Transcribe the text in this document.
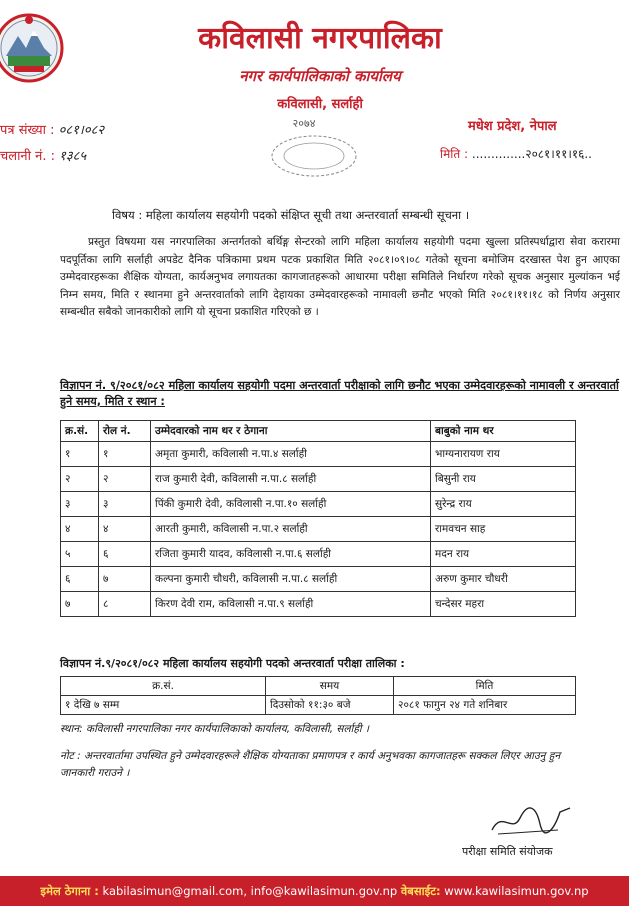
कविलासी नगरपालिका
नगर कार्यपालिकाको कार्यालय
कविलासी, सर्लाही
२०७४
पत्र संख्या : ०८१।०८२
चलानी नं. : १३८५
मधेश प्रदेश, नेपाल
मिति : ..............२०८१।११।१६..
विषय : महिला कार्यालय सहयोगी पदको संक्षिप्त सूची तथा अन्तरवार्ता सम्बन्धी सूचना ।
प्रस्तुत विषयमा यस नगरपालिका अन्तर्गतको बर्थिङ्ग सेन्टरको लागि महिला कार्यालय सहयोगी पदमा खुल्ला प्रतिस्पर्धाद्वारा सेवा करारमा पदपूर्तिका लागि सर्लाही अपडेट दैनिक पत्रिकामा प्रथम पटक प्रकाशित मिति २०८१।०९।०८ गतेको सूचना बमोजिम दरखास्त पेश हुन आएका उम्मेदवारहरूका शैक्षिक योग्यता, कार्यअनुभव लगायतका कागजातहरूको आधारमा परीक्षा समितिले निर्धारण गरेको सूचक अनुसार मुल्यांकन भई निम्न समय, मिति र स्थानमा हुने अन्तरवार्ताको लागि देहायका उम्मेदवारहरूको नामावली छनौट भएको मिति २०८१।११।१८ को निर्णय अनुसार सम्बन्धीत सबैको जानकारीको लागि यो सूचना प्रकाशित गरिएको छ ।
विज्ञापन नं. ९/२०८१/०८२ महिला कार्यालय सहयोगी पदमा अन्तरवार्ता परीक्षाको लागि छनौट भएका उम्मेदवारहरूको नामावली र अन्तरवार्ता हुने समय, मिति र स्थान :
क्र.सं.	रोल नं.	उम्मेदवारको नाम थर र ठेगाना	बाबुको नाम थर
१	१	अमृता कुमारी, कविलासी न.पा.४ सर्लाही	भाग्यनारायण राय
२	२	राज कुमारी देवी, कविलासी न.पा.८ सर्लाही	बिसुनी राय
३	३	पिंकी कुमारी देवी, कविलासी न.पा.१० सर्लाही	सुरेन्द्र राय
४	४	आरती कुमारी, कविलासी न.पा.२ सर्लाही	रामवचन साह
५	६	रजिता कुमारी यादव, कविलासी न.पा.६ सर्लाही	मदन राय
६	७	कल्पना कुमारी चौधरी, कविलासी न.पा.८ सर्लाही	अरुण कुमार चौधरी
७	८	किरण देवी राम, कविलासी न.पा.९ सर्लाही	चन्देसर महरा
विज्ञापन नं.९/२०८१/०८२ महिला कार्यालय सहयोगी पदको अन्तरवार्ता परीक्षा तालिका :
क्र.सं.	समय	मिति
१ देखि ७ सम्म	दिउसोको ११:३० बजे	२०८१ फागुन २४ गते शनिबार
स्थान: कविलासी नगरपालिका नगर कार्यपालिकाको कार्यालय, कविलासी, सर्लाही ।
नोट : अन्तरवार्तामा उपस्थित हुने उम्मेदवारहरूले शैक्षिक योग्यताका प्रमाणपत्र र कार्य अनुभवका कागजातहरू सक्कल लिएर आउनु हुन जानकारी गराउने ।
परीक्षा समिति संयोजक
इमेल ठेगाना : kabilasimun@gmail.com, info@kawilasimun.gov.np वेबसाईट: www.kawilasimun.gov.np
